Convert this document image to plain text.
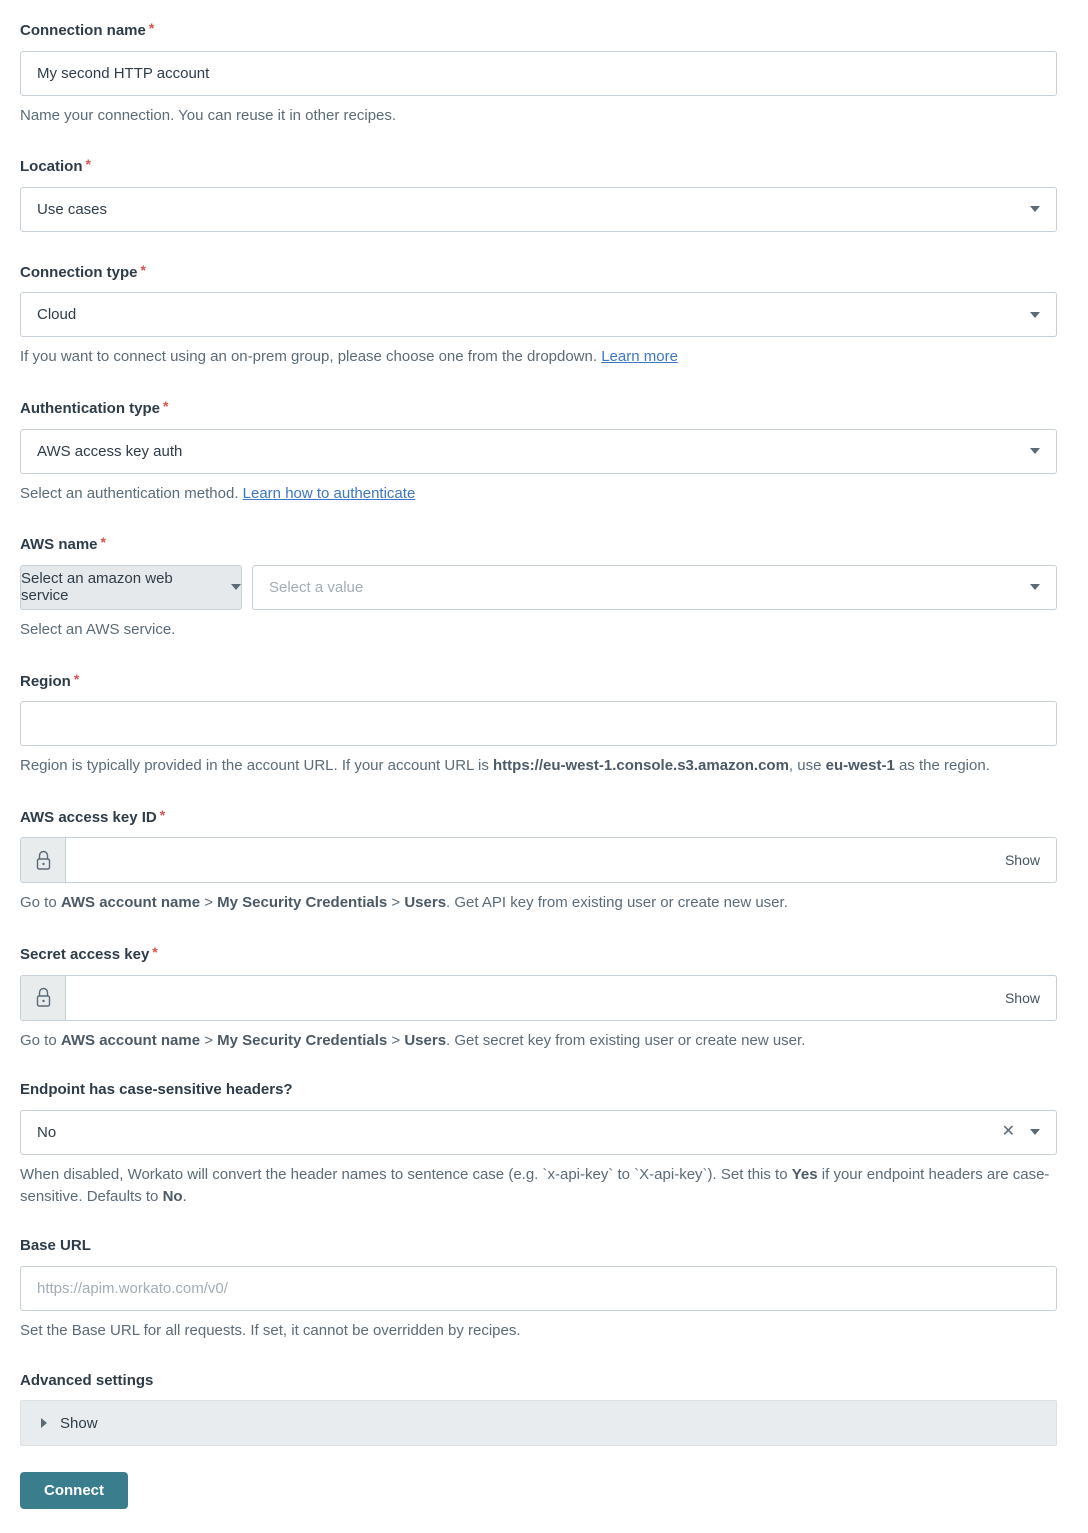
Connection name *
My second HTTP account
Name your connection. You can reuse it in other recipes.
Location *
Use cases
Connection type *
Cloud
If you want to connect using an on-prem group, please choose one from the dropdown. Learn more
Authentication type *
AWS access key auth
Select an authentication method. Learn how to authenticate
AWS name *
Select an amazon web service	Select a value
Select an AWS service.
Region *
Region is typically provided in the account URL. If your account URL is https://eu-west-1.console.s3.amazon.com, use eu-west-1 as the region.
AWS access key ID *
Show
Go to AWS account name > My Security Credentials > Users. Get API key from existing user or create new user.
Secret access key *
Show
Go to AWS account name > My Security Credentials > Users. Get secret key from existing user or create new user.
Endpoint has case-sensitive headers?
No	✕
When disabled, Workato will convert the header names to sentence case (e.g. `x-api-key` to `X-api-key`). Set this to Yes if your endpoint headers are case-sensitive. Defaults to No.
Base URL
https://apim.workato.com/v0/
Set the Base URL for all requests. If set, it cannot be overridden by recipes.
Advanced settings
Show
Connect
